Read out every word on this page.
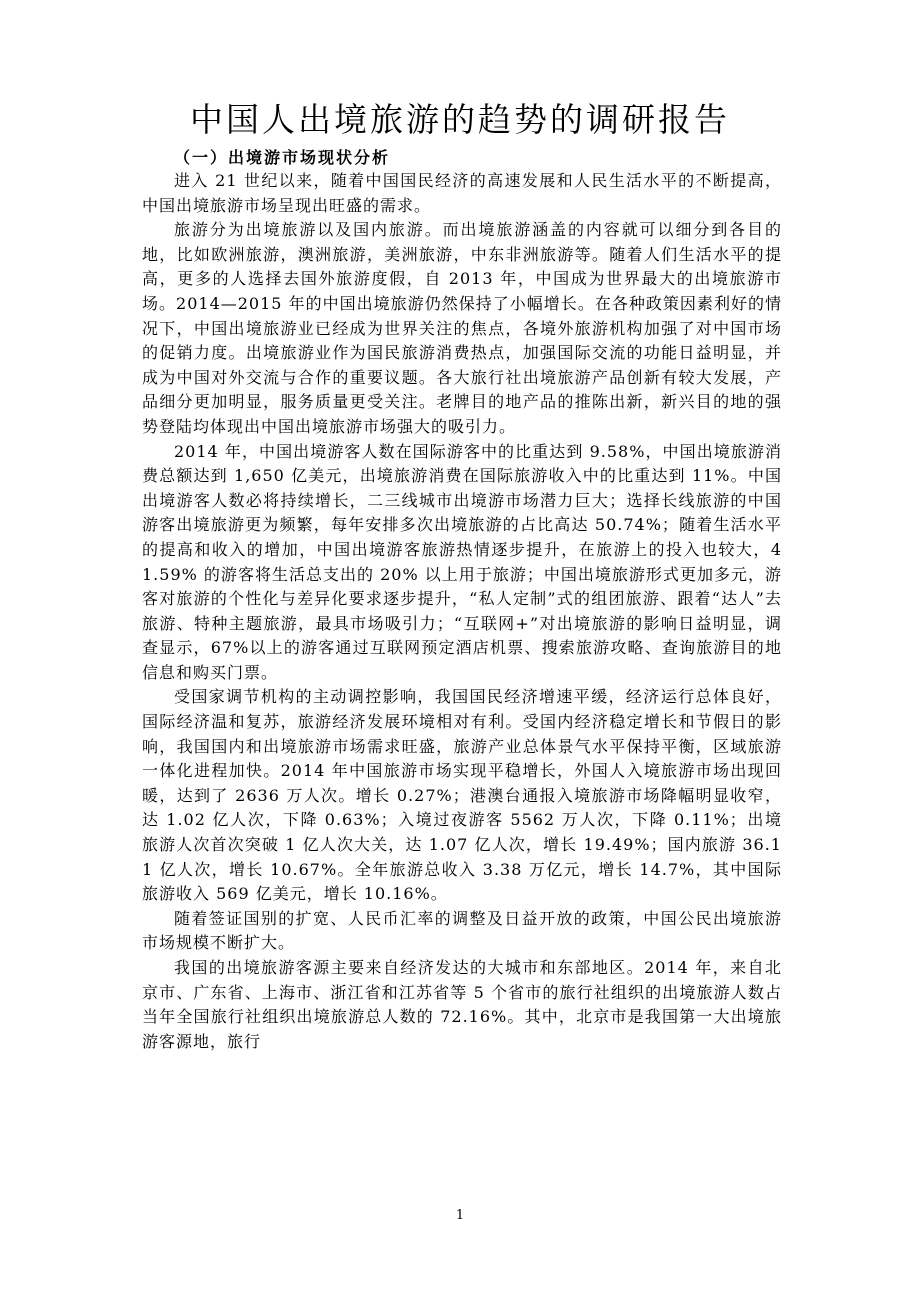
中国人出境旅游的趋势的调研报告
（一）出境游市场现状分析

进入 21 世纪以来，随着中国国民经济的高速发展和人民生活水平的不断提高，中国出境旅游市场呈现出旺盛的需求。

旅游分为出境旅游以及国内旅游。而出境旅游涵盖的内容就可以细分到各目的地，比如欧洲旅游，澳洲旅游，美洲旅游，中东非洲旅游等。随着人们生活水平的提高，更多的人选择去国外旅游度假，自 2013 年，中国成为世界最大的出境旅游市场。2014—2015 年的中国出境旅游仍然保持了小幅增长。在各种政策因素利好的情况下，中国出境旅游业已经成为世界关注的焦点，各境外旅游机构加强了对中国市场的促销力度。出境旅游业作为国民旅游消费热点，加强国际交流的功能日益明显，并成为中国对外交流与合作的重要议题。各大旅行社出境旅游产品创新有较大发展，产品细分更加明显，服务质量更受关注。老牌目的地产品的推陈出新，新兴目的地的强势登陆均体现出中国出境旅游市场强大的吸引力。

2014 年，中国出境游客人数在国际游客中的比重达到 9.58%，中国出境旅游消费总额达到 1,650 亿美元，出境旅游消费在国际旅游收入中的比重达到 11%。中国出境游客人数必将持续增长，二三线城市出境游市场潜力巨大；选择长线旅游的中国游客出境旅游更为频繁，每年安排多次出境旅游的占比高达 50.74%；随着生活水平的提高和收入的增加，中国出境游客旅游热情逐步提升，在旅游上的投入也较大，41.59% 的游客将生活总支出的 20% 以上用于旅游；中国出境旅游形式更加多元，游客对旅游的个性化与差异化要求逐步提升，“私人定制”式的组团旅游、跟着“达人”去旅游、特种主题旅游，最具市场吸引力；“互联网+”对出境旅游的影响日益明显，调查显示，67%以上的游客通过互联网预定酒店机票、搜索旅游攻略、查询旅游目的地信息和购买门票。

受国家调节机构的主动调控影响，我国国民经济增速平缓，经济运行总体良好，国际经济温和复苏，旅游经济发展环境相对有利。受国内经济稳定增长和节假日的影响，我国国内和出境旅游市场需求旺盛，旅游产业总体景气水平保持平衡，区域旅游一体化进程加快。2014 年中国旅游市场实现平稳增长，外国人入境旅游市场出现回暖，达到了 2636 万人次。增长 0.27%；港澳台通报入境旅游市场降幅明显收窄，达 1.02 亿人次，下降 0.63%；入境过夜游客 5562 万人次，下降 0.11%；出境旅游人次首次突破 1 亿人次大关，达 1.07 亿人次，增长 19.49%；国内旅游 36.11 亿人次，增长 10.67%。全年旅游总收入 3.38 万亿元，增长 14.7%，其中国际旅游收入 569 亿美元，增长 10.16%。

随着签证国别的扩宽、人民币汇率的调整及日益开放的政策，中国公民出境旅游市场规模不断扩大。

我国的出境旅游客源主要来自经济发达的大城市和东部地区。2014 年，来自北京市、广东省、上海市、浙江省和江苏省等 5 个省市的旅行社组织的出境旅游人数占当年全国旅行社组织出境旅游总人数的 72.16%。其中，北京市是我国第一大出境旅游客源地，旅行

1
